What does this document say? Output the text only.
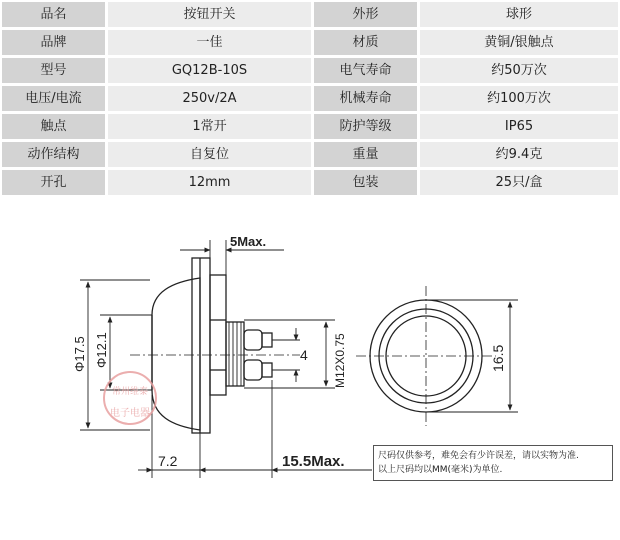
品名	按钮开关	外形	球形
品牌	一佳	材质	黄铜/银触点
型号	GQ12B-10S	电气寿命	约50万次
电压/电流	250v/2A	机械寿命	约100万次
触点	1常开	防护等级	IP65
动作结构	自复位	重量	约9.4克
开孔	12mm	包装	25只/盒
5Max.
Φ17.5 Φ12.1	4 M12X0.75	16.5
7.2	15.5Max.
常州维泰
电子电器
尺码仅供参考，难免会有少许误差，请以实物为准.
以上尺码均以MM(毫米)为单位.
